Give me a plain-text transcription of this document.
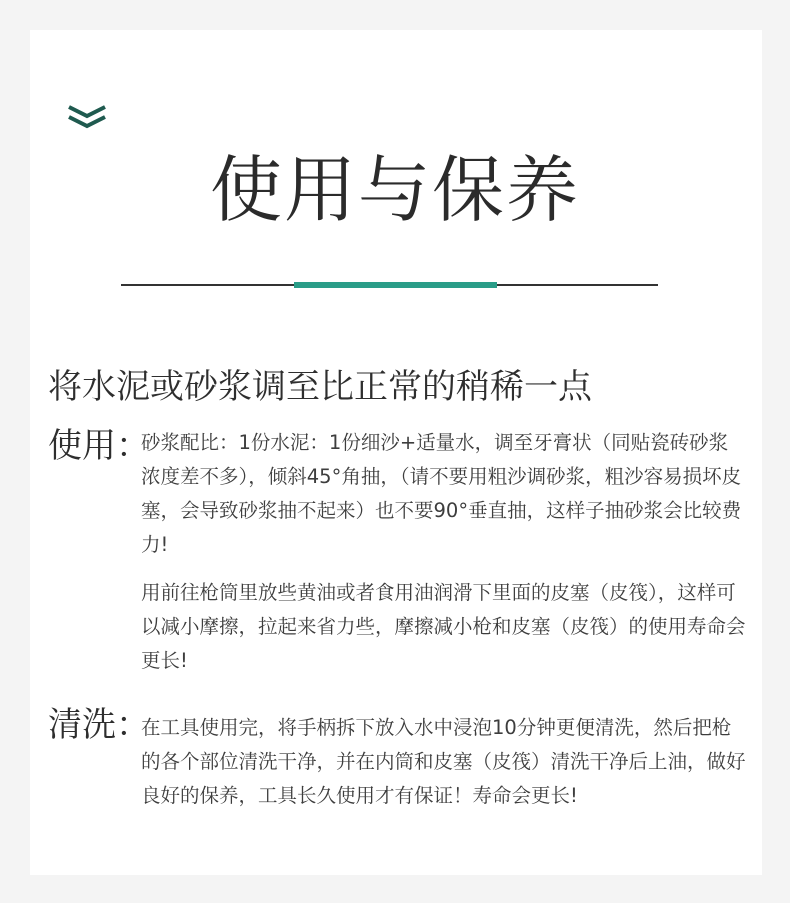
使用与保养
将水泥或砂浆调至比正常的稍稀一点
使用：
砂浆配比：1份水泥：1份细沙+适量水，调至牙膏状（同贴瓷砖砂浆浓度差不多），倾斜45°角抽，（请不要用粗沙调砂浆，粗沙容易损坏皮塞，会导致砂浆抽不起来）也不要90°垂直抽，这样子抽砂浆会比较费力!
用前往枪筒里放些黄油或者食用油润滑下里面的皮塞（皮筏），这样可以减小摩擦，拉起来省力些，摩擦减小枪和皮塞（皮筏）的使用寿命会更长!
清洗：
在工具使用完，将手柄拆下放入水中浸泡10分钟更便清洗，然后把枪的各个部位清洗干净，并在内筒和皮塞（皮筏）清洗干净后上油，做好良好的保养，工具长久使用才有保证！寿命会更长!
